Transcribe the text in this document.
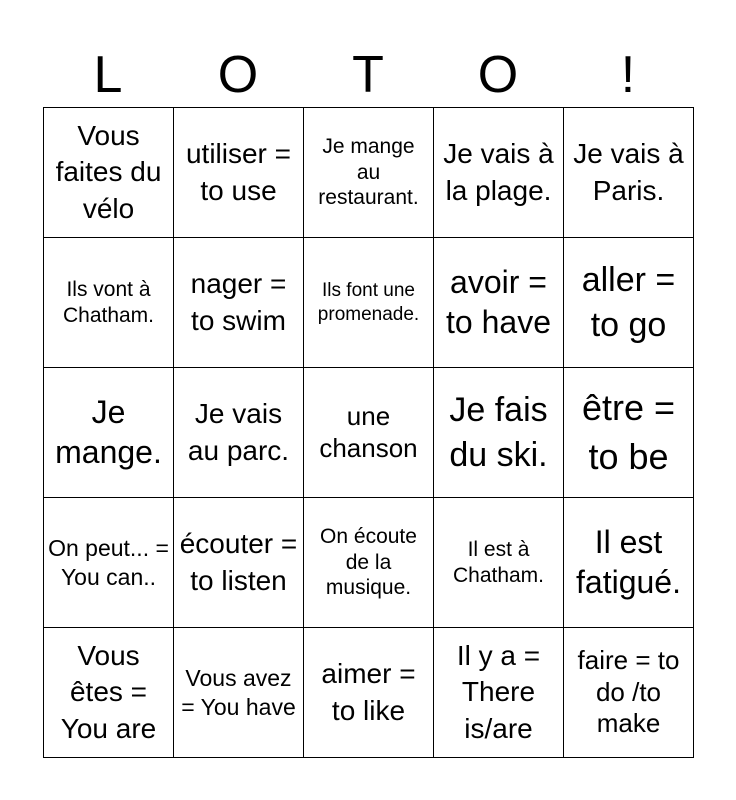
L	O	T	O	!
Vous faites du vélo	utiliser = to use	Je mange au restaurant.	Je vais à la plage.	Je vais à Paris.
Ils vont à Chatham.	nager = to swim	Ils font une promenade.	avoir = to have	aller = to go
Je mange.	Je vais au parc.	une chanson	Je fais du ski.	être = to be
On peut... = You can..	écouter = to listen	On écoute de la musique.	Il est à Chatham.	Il est fatigué.
Vous êtes = You are	Vous avez = You have	aimer = to like	Il y a = There is/are	faire = to do /to make
